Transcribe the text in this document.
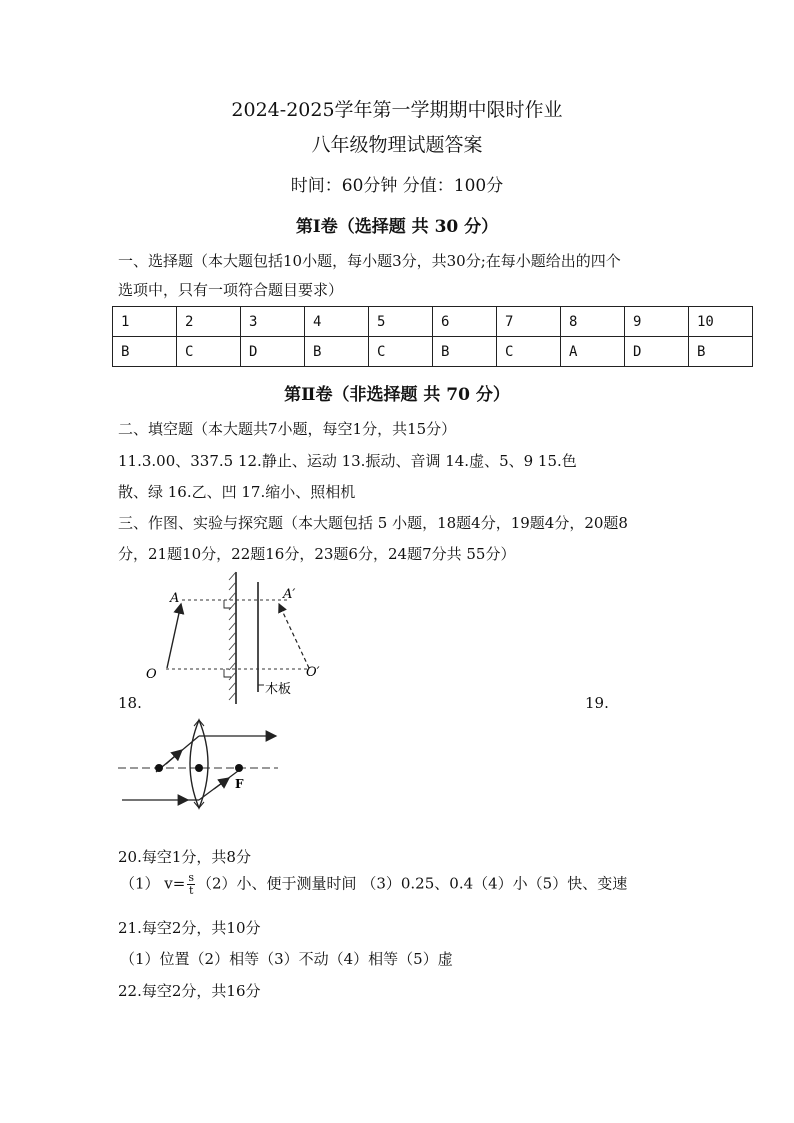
2024-2025学年第一学期期中限时作业
八年级物理试题答案
时间：60分钟 分值：100分
第Ⅰ卷（选择题 共 30 分）
一、选择题（本大题包括10小题，每小题3分，共30分;在每小题给出的四个
选项中，只有一项符合题目要求）
1	2	3	4	5	6	7	8	9	10
B	C	D	B	C	B	C	A	D	B
第Ⅱ卷（非选择题 共 70 分）
二、填空题（本大题共7小题，每空1分，共15分）
11.3.00、337.5 12.静止、运动 13.振动、音调 14.虚、5、9 15.色
散、绿 16.乙、凹 17.缩小、照相机
三、作图、实验与探究题（本大题包括 5 小题，18题4分，19题4分，20题8
分，21题10分，22题16分，23题6分，24题7分共 55分）
A	A′
O	O′
木板
18.	19.
F
20.每空1分，共8分
（1） $v= \frac{s}{t} (2)$小、便于测量时间 （3）0.25、0.4（4）小（5）快、变速
21.每空2分，共10分
（1）位置（2）相等（3）不动（4）相等（5）虚
22.每空2分，共16分
